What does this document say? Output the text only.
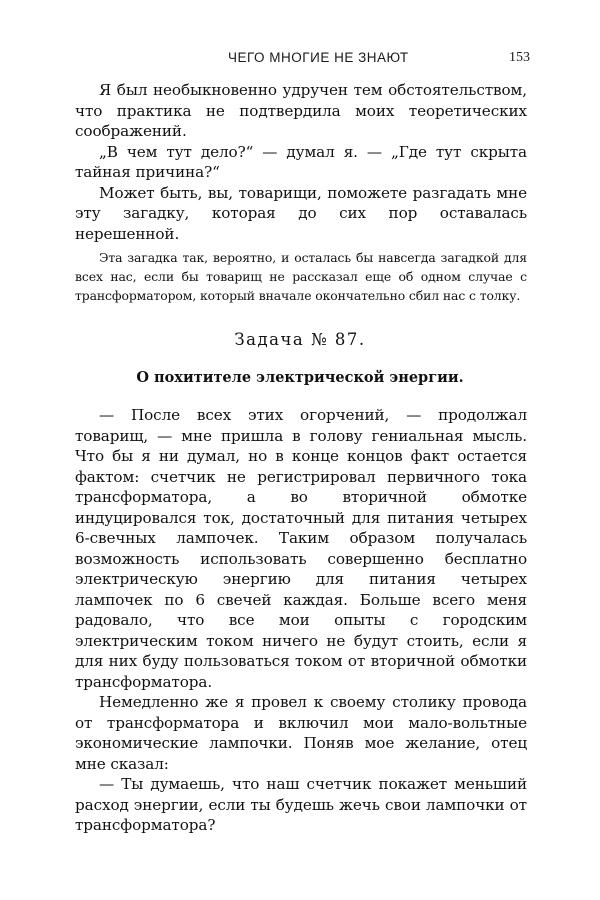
ЧЕГО МНОГИЕ НЕ ЗНАЮТ	153

Я был необыкновенно удручен тем обстоятельством, что практика не подтвердила моих теоретических соображений.

„В чем тут дело?“ — думал я. — „Где тут скрыта тайная причина?“

Может быть, вы, товарищи, поможете разгадать мне эту загадку, которая до сих пор оставалась нерешенной.

Эта загадка так, вероятно, и осталась бы навсегда загадкой для всех нас, если бы товарищ не рассказал еще об одном случае с трансформатором, который вначале окончательно сбил нас с толку.

Задача № 87.

О похитителе электрической энергии.

— После всех этих огорчений, — продолжал товарищ, — мне пришла в голову гениальная мысль. Что бы я ни думал, но в конце концов факт остается фактом: счетчик не регистрировал первичного тока трансформатора, а во вторичной обмотке индуцировался ток, достаточный для питания четырех 6-свечных лампочек. Таким образом получалась возможность использовать совершенно бесплатно электрическую энергию для питания четырех лампочек по 6 свечей каждая. Больше всего меня радовало, что все мои опыты с городским электрическим током ничего не будут стоить, если я для них буду пользоваться током от вторичной обмотки трансформатора.

Немедленно же я провел к своему столику провода от трансформатора и включил мои мало-вольтные экономические лампочки. Поняв мое желание, отец мне сказал:

— Ты думаешь, что наш счетчик покажет меньший расход энергии, если ты будешь жечь свои лампочки от трансформатора?
